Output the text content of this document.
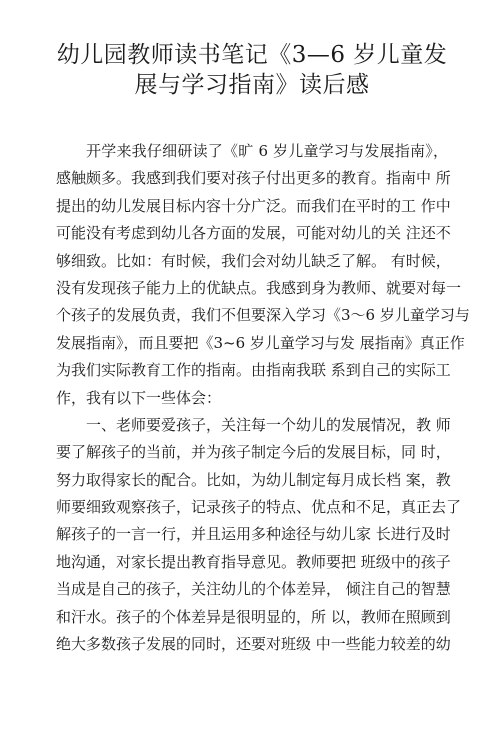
幼儿园教师读书笔记《3—6 岁儿童发
展与学习指南》读后感
开学来我仔细研读了《旷 6 岁儿童学习与发展指南》，
感触颇多。我感到我们要对孩子付出更多的教育。指南中 所
提出的幼儿发展目标内容十分广泛。而我们在平时的工 作中
可能没有考虑到幼儿各方面的发展，可能对幼儿的关 注还不
够细致。比如：有时候，我们会对幼儿缺乏了解。 有时候，
没有发现孩子能力上的优缺点。我感到身为教师、就要对每一
个孩子的发展负责，我们不但要深入学习《3～6 岁儿童学习与
发展指南》，而且要把《3~6 岁儿童学习与发 展指南》真正作
为我们实际教育工作的指南。由指南我联 系到自己的实际工
作，我有以下一些体会：
一、老师要爱孩子，关注每一个幼儿的发展情况，教 师
要了解孩子的当前，并为孩子制定今后的发展目标，同 时，
努力取得家长的配合。比如，为幼儿制定每月成长档 案，教
师要细致观察孩子，记录孩子的特点、优点和不足，真正去了
解孩子的一言一行，并且运用多种途径与幼儿家 长进行及时
地沟通，对家长提出教育指导意见。教师要把 班级中的孩子
当成是自己的孩子，关注幼儿的个体差异， 倾注自己的智慧
和汗水。孩子的个体差异是很明显的，所 以，教师在照顾到
绝大多数孩子发展的同时，还要对班级 中一些能力较差的幼
